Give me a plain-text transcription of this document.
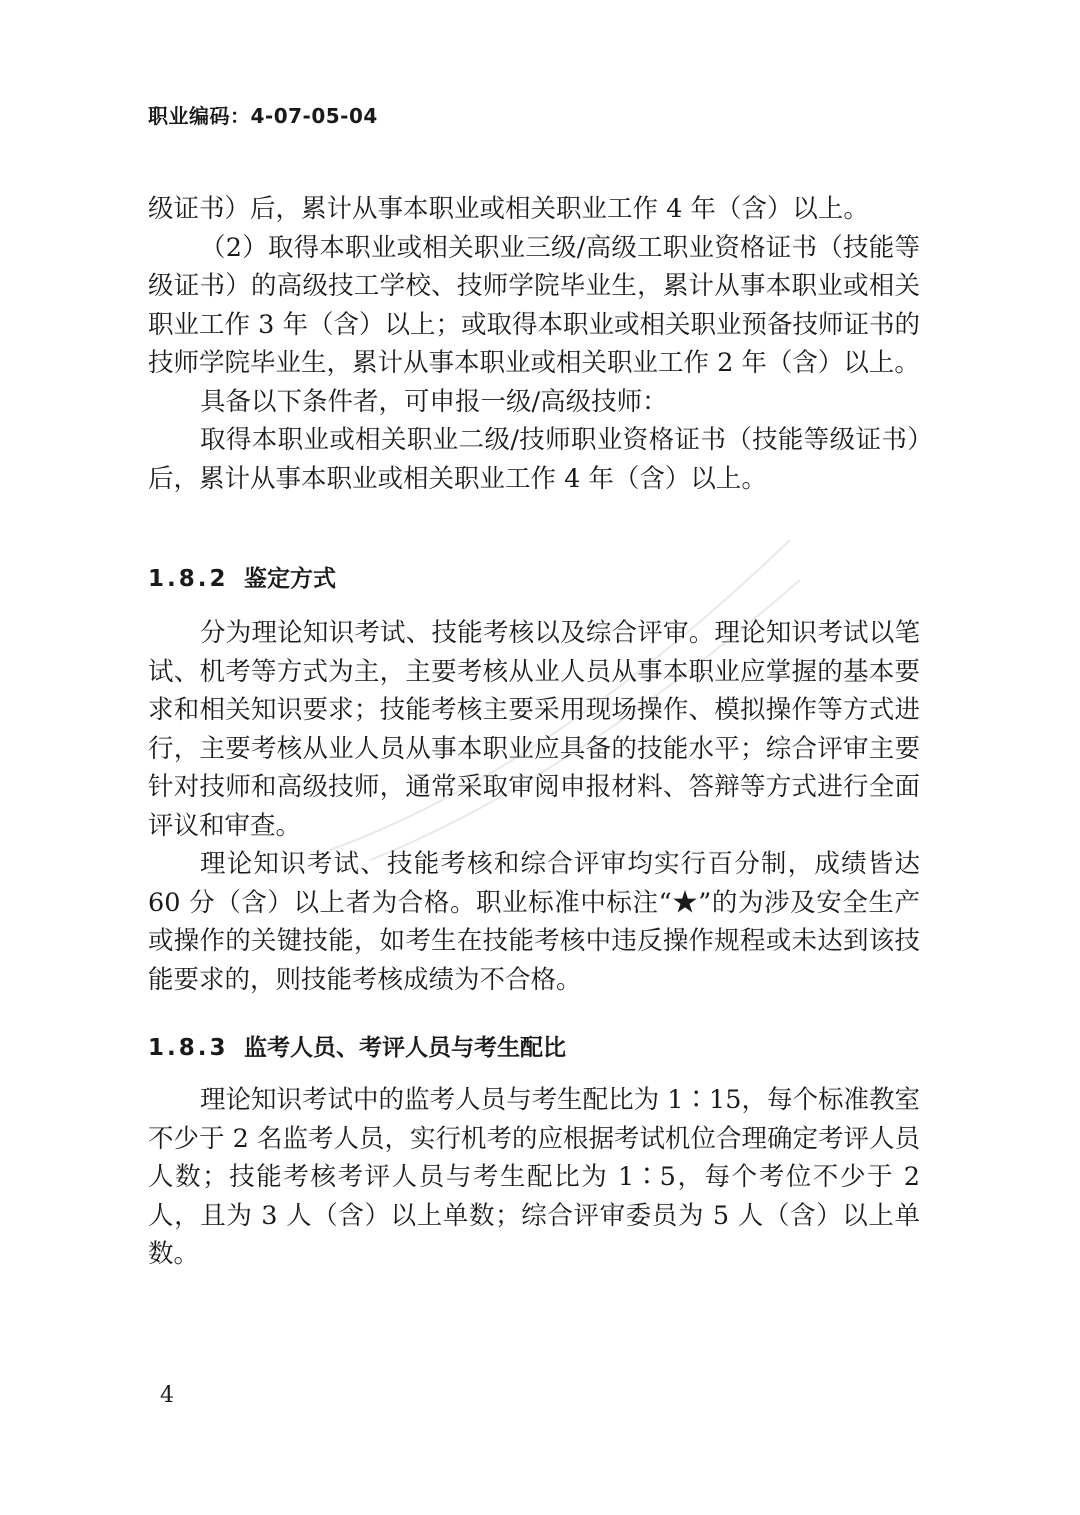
职业编码：4-07-05-04

级证书）后，累计从事本职业或相关职业工作 4 年（含）以上。

（2）取得本职业或相关职业三级/高级工职业资格证书（技能等级证书）的高级技工学校、技师学院毕业生，累计从事本职业或相关职业工作 3 年（含）以上；或取得本职业或相关职业预备技师证书的技师学院毕业生，累计从事本职业或相关职业工作 2 年（含）以上。

具备以下条件者，可申报一级/高级技师：

取得本职业或相关职业二级/技师职业资格证书（技能等级证书）后，累计从事本职业或相关职业工作 4 年（含）以上。

1.8.2 鉴定方式

分为理论知识考试、技能考核以及综合评审。理论知识考试以笔试、机考等方式为主，主要考核从业人员从事本职业应掌握的基本要求和相关知识要求；技能考核主要采用现场操作、模拟操作等方式进行，主要考核从业人员从事本职业应具备的技能水平；综合评审主要针对技师和高级技师，通常采取审阅申报材料、答辩等方式进行全面评议和审查。

理论知识考试、技能考核和综合评审均实行百分制，成绩皆达 60 分（含）以上者为合格。职业标准中标注“★”的为涉及安全生产或操作的关键技能，如考生在技能考核中违反操作规程或未达到该技能要求的，则技能考核成绩为不合格。

1.8.3 监考人员、考评人员与考生配比

理论知识考试中的监考人员与考生配比为 1∶15，每个标准教室不少于 2 名监考人员，实行机考的应根据考试机位合理确定考评人员人数；技能考核考评人员与考生配比为 1∶5，每个考位不少于 2 人，且为 3 人（含）以上单数；综合评审委员为 5 人（含）以上单数。

4
